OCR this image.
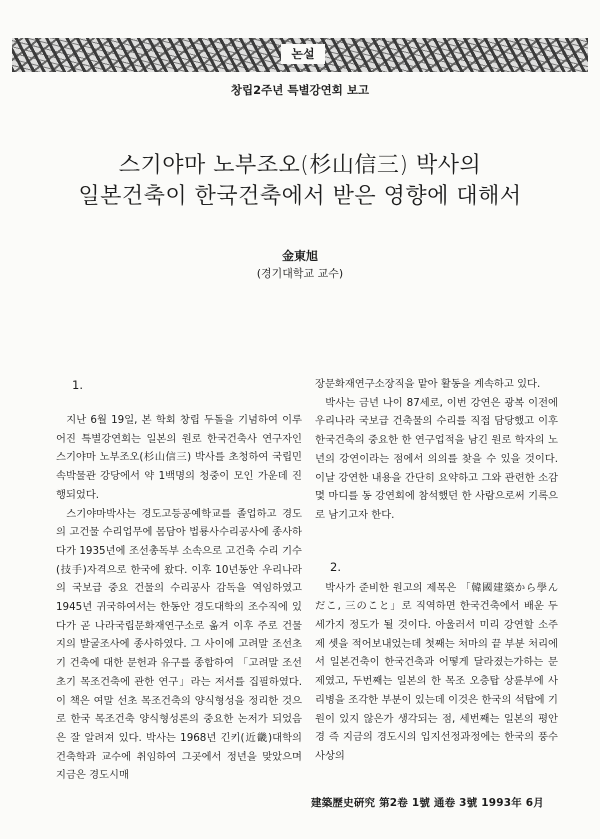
논설
창립2주년 특별강연회 보고
스기야마 노부조오(杉山信三) 박사의
일본건축이 한국건축에서 받은 영향에 대해서
金東旭
(경기대학교 교수)
1.

지난 6월 19일, 본 학회 창립 두돌을 기념하여 이루어진 특별강연회는 일본의 원로 한국건축사 연구자인 스기야마 노부조오(杉山信三) 박사를 초청하여 국립민속박물관 강당에서 약 1백명의 청중이 모인 가운데 진행되었다.

스기야마박사는 경도고등공예학교를 졸업하고 경도의 고건물 수리업무에 몸담아 법룡사수리공사에 종사하다가 1935년에 조선총독부 소속으로 고건축 수리 기수(技手)자격으로 한국에 왔다. 이후 10년동안 우리나라의 국보급 중요 건물의 수리공사 감독을 역임하였고 1945년 귀국하여서는 한동안 경도대학의 조수직에 있다가 곧 나라국립문화재연구소로 옮겨 이후 주로 건물지의 발굴조사에 종사하였다. 그 사이에 고려말 조선초기 건축에 대한 문헌과 유구를 종합하여 「고려말 조선초기 목조건축에 관한 연구」라는 저서를 집필하였다. 이 책은 여말 선초 목조건축의 양식형성을 정리한 것으로 한국 목조건축 양식형성론의 중요한 논저가 되었음은 잘 알려져 있다. 박사는 1968년 긴키(近畿)대학의 건축학과 교수에 취임하여 그곳에서 정년을 맞았으며 지금은 경도시매

장문화재연구소장직을 맡아 활동을 계속하고 있다.

박사는 금년 나이 87세로, 이번 강연은 광복 이전에 우리나라 국보급 건축물의 수리를 직접 담당했고 이후 한국건축의 중요한 한 연구업적을 남긴 원로 학자의 노년의 강연이라는 점에서 의의를 찾을 수 있을 것이다. 이날 강연한 내용을 간단히 요약하고 그와 관련한 소감 몇 마디를 동 강연회에 참석했던 한 사람으로써 기록으로 남기고자 한다.

박사가 준비한 원고의 제목은 「韓國建築から學んだこ, 三のこと」로 직역하면 한국건축에서 배운 두 세가지 정도가 될 것이다. 아울러서 미리 강연할 소주제 셋을 적어보내었는데 첫째는 처마의 끝 부분 처리에서 일본건축이 한국건축과 어떻게 달라졌는가하는 문제였고, 두번째는 일본의 한 목조 오층탑 상륜부에 사리병을 조각한 부분이 있는데 이것은 한국의 석탑에 기원이 있지 않은가 생각되는 점, 세번째는 일본의 평안경 즉 지금의 경도시의 입지선정과정에는 한국의 풍수사상의

2.
建築歷史硏究 第2卷 1號 通卷 3號 1993年 6月
